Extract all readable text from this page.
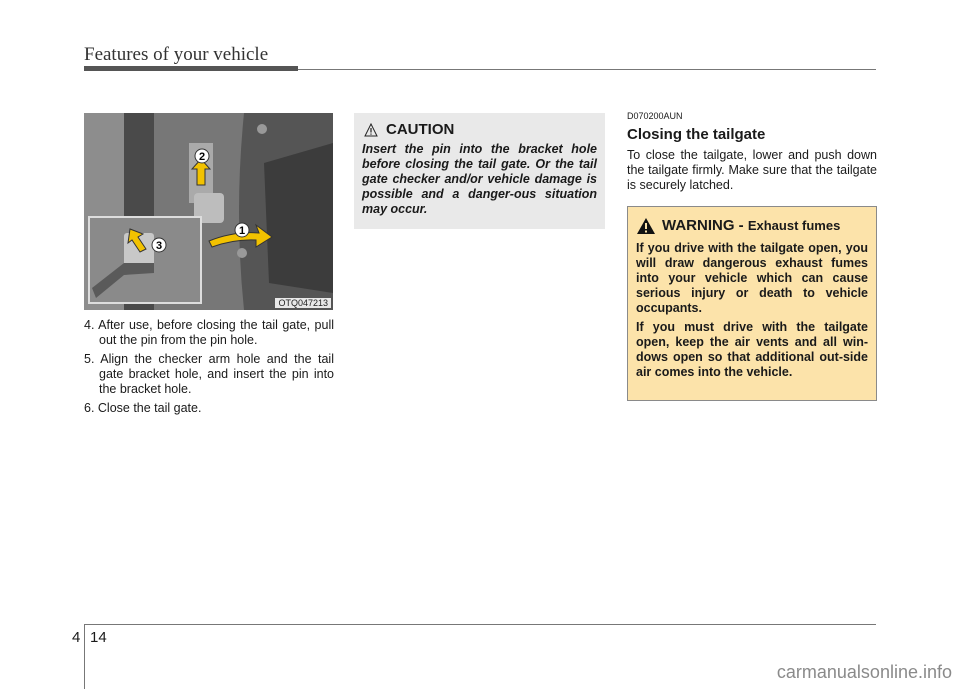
Features of your vehicle
2
1
3
OTQ047213
4. After use, before closing the tail gate, pull out the pin from the pin hole.
5. Align the checker arm hole and the tail gate bracket hole, and insert the pin into the bracket hole.
6. Close the tail gate.
CAUTION
Insert the pin into the bracket hole before closing the tail gate. Or the tail gate checker and/or vehicle damage is possible and a danger-ous situation may occur.
D070200AUN
Closing the tailgate
To close the tailgate, lower and push down the tailgate firmly. Make sure that the tailgate is securely latched.
WARNING - Exhaust fumes

If you drive with the tailgate open, you will draw dangerous exhaust fumes into your vehicle which can cause serious injury or death to vehicle occupants.

If you must drive with the tailgate open, keep the air vents and all win-dows open so that additional out-side air comes into the vehicle.

4 14
carmanualsonline.info
